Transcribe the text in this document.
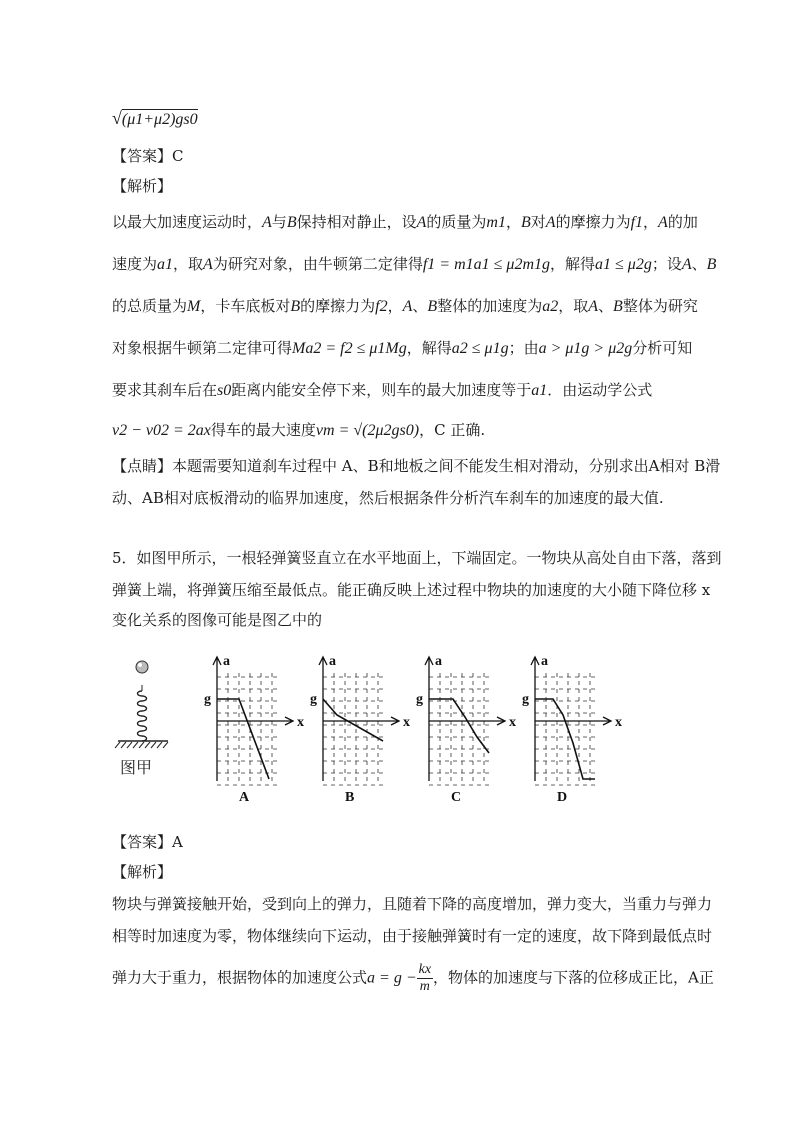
√(μ1+μ2)gs0
【答案】C
【解析】
以最大加速度运动时，A与B保持相对静止，设A的质量为m1，B对A的摩擦力为f1，A的加
速度为a1，取A为研究对象，由牛顿第二定律得f1 = m1a1 ≤ μ2m1g，解得a1 ≤ μ2g；设A、B
的总质量为M，卡车底板对B的摩擦力为f2，A、B整体的加速度为a2，取A、B整体为研究
对象根据牛顿第二定律可得Ma2 = f2 ≤ μ1Mg，解得a2 ≤ μ1g；由a > μ1g > μ2g分析可知
要求其刹车后在s0距离内能安全停下来，则车的最大加速度等于a1．由运动学公式
v2 − v02 = 2ax得车的最大速度vm = √(2μ2gs0)，C 正确.
【点睛】本题需要知道刹车过程中 A、B和地板之间不能发生相对滑动，分别求出A相对 B滑
动、AB相对底板滑动的临界加速度，然后根据条件分析汽车刹车的加速度的最大值.
5．如图甲所示，一根轻弹簧竖直立在水平地面上，下端固定。一物块从高处自由下落，落到
弹簧上端，将弹簧压缩至最低点。能正确反映上述过程中物块的加速度的大小随下降位移 x
变化关系的图像可能是图乙中的
图甲
a
x
g
A
a
x
g
B
a
x
g
C
a
x
g
D
【答案】A
【解析】
物块与弹簧接触开始，受到向上的弹力，且随着下降的高度增加，弹力变大，当重力与弹力
相等时加速度为零，物体继续向下运动，由于接触弹簧时有一定的速度，故下降到最低点时
弹力大于重力，根据物体的加速度公式$a = g - \frac{kx}{m}$ ，物体的加速度与下落的位移成正比，A正
